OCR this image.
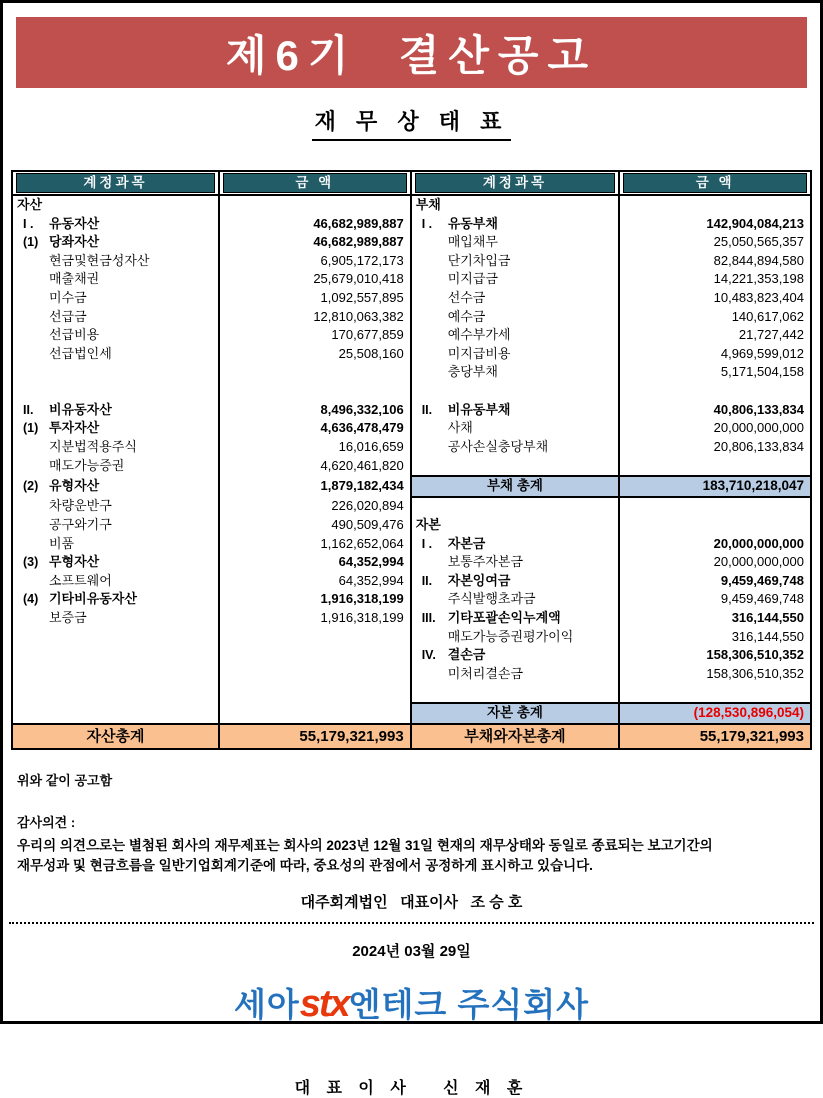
제6기  결산공고
재 무 상 태 표
계정과목	금 액	계정과목	금 액

자산		부채	
I . 유동자산	46,682,989,887	I . 유동부채	142,904,084,213
(1) 당좌자산	46,682,989,887	매입채무	25,050,565,357
현금및현금성자산	6,905,172,173	단기차입금	82,844,894,580
매출채권	25,679,010,418	미지급금	14,221,353,198
미수금	1,092,557,895	선수금	10,483,823,404
선급금	12,810,063,382	예수금	140,617,062
선급비용	170,677,859	예수부가세	21,727,442
선급법인세	25,508,160	미지급비용	4,969,599,012
		충당부채	5,171,504,158

II. 비유동자산	8,496,332,106	II. 비유동부채	40,806,133,834
(1) 투자자산	4,636,478,479	사채	20,000,000,000
지분법적용주식	16,016,659	공사손실충당부채	20,806,133,834
매도가능증권	4,620,461,820		
(2) 유형자산	1,879,182,434	부채 총계	183,710,218,047
차량운반구	226,020,894		
공구와기구	490,509,476	자본	
비품	1,162,652,064	I . 자본금	20,000,000,000
(3) 무형자산	64,352,994	보통주자본금	20,000,000,000
소프트웨어	64,352,994	II. 자본잉여금	9,459,469,748
(4) 기타비유동자산	1,916,318,199	주식발행초과금	9,459,469,748
보증금	1,916,318,199	III. 기타포괄손익누계액	316,144,550
		매도가능증권평가이익	316,144,550
		IV. 결손금	158,306,510,352
		미처리결손금	158,306,510,352

		자본 총계	(128,530,896,054)
자산총계	55,179,321,993	부채와자본총계	55,179,321,993
위와 같이 공고함
감사의견 :
우리의 의견으로는 별첨된 회사의 재무제표는 회사의 2023년 12월 31일 현재의 재무상태와 동일로 종료되는 보고기간의
재무성과 및 현금흐름을 일반기업회계기준에 따라, 중요성의 관점에서 공정하게 표시하고 있습니다.
대주회계법인   대표이사   조 승 호
2024년 03월 29일
세아stx엔테크 주식회사

대 표 이 사   신 재 훈
